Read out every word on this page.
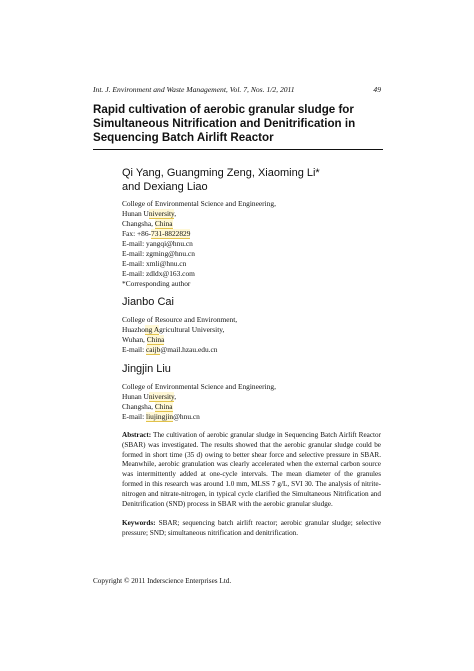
Int. J. Environment and Waste Management, Vol. 7, Nos. 1/2, 2011	49
Rapid cultivation of aerobic granular sludge for Simultaneous Nitrification and Denitrification in Sequencing Batch Airlift Reactor
Qi Yang, Guangming Zeng, Xiaoming Li*
and Dexiang Liao
College of Environmental Science and Engineering,
Hunan University,
Changsha, China
Fax: +86-731-8822829
E-mail: yangqi@hnu.cn
E-mail: zgming@hnu.cn
E-mail: xmli@hnu.cn
E-mail: zdldx@163.com
*Corresponding author
Jianbo Cai
College of Resource and Environment,
Huazhong Agricultural University,
Wuhan, China
E-mail: caijb@mail.hzau.edu.cn
Jingjin Liu
College of Environmental Science and Engineering,
Hunan University,
Changsha, China
E-mail: liujingjin@hnu.cn
Abstract: The cultivation of aerobic granular sludge in Sequencing Batch Airlift Reactor (SBAR) was investigated. The results showed that the aerobic granular sludge could be formed in short time (35 d) owing to better shear force and selective pressure in SBAR. Meanwhile, aerobic granulation was clearly accelerated when the external carbon source was intermittently added at one-cycle intervals. The mean diameter of the granules formed in this research was around 1.0 mm, MLSS 7 g/L, SVI 30. The analysis of nitrite-nitrogen and nitrate-nitrogen, in typical cycle clarified the Simultaneous Nitrification and Denitrification (SND) process in SBAR with the aerobic granular sludge.
Keywords: SBAR; sequencing batch airlift reactor; aerobic granular sludge; selective pressure; SND; simultaneous nitrification and denitrification.
Copyright © 2011 Inderscience Enterprises Ltd.
